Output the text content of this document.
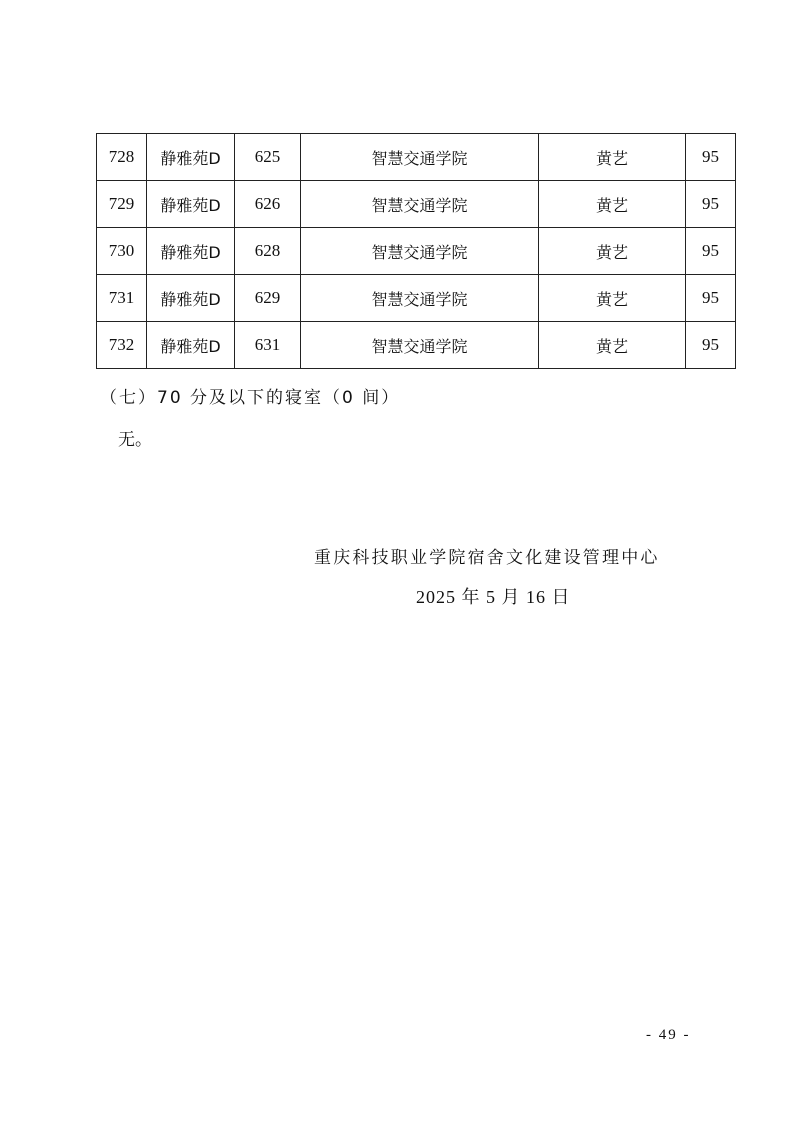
728	静雅苑D	625	智慧交通学院	黄艺	95
729	静雅苑D	626	智慧交通学院	黄艺	95
730	静雅苑D	628	智慧交通学院	黄艺	95
731	静雅苑D	629	智慧交通学院	黄艺	95
732	静雅苑D	631	智慧交通学院	黄艺	95
（七）70 分及以下的寝室（0 间）
无。
重庆科技职业学院宿舍文化建设管理中心
2025 年 5 月 16 日
- 49 -
